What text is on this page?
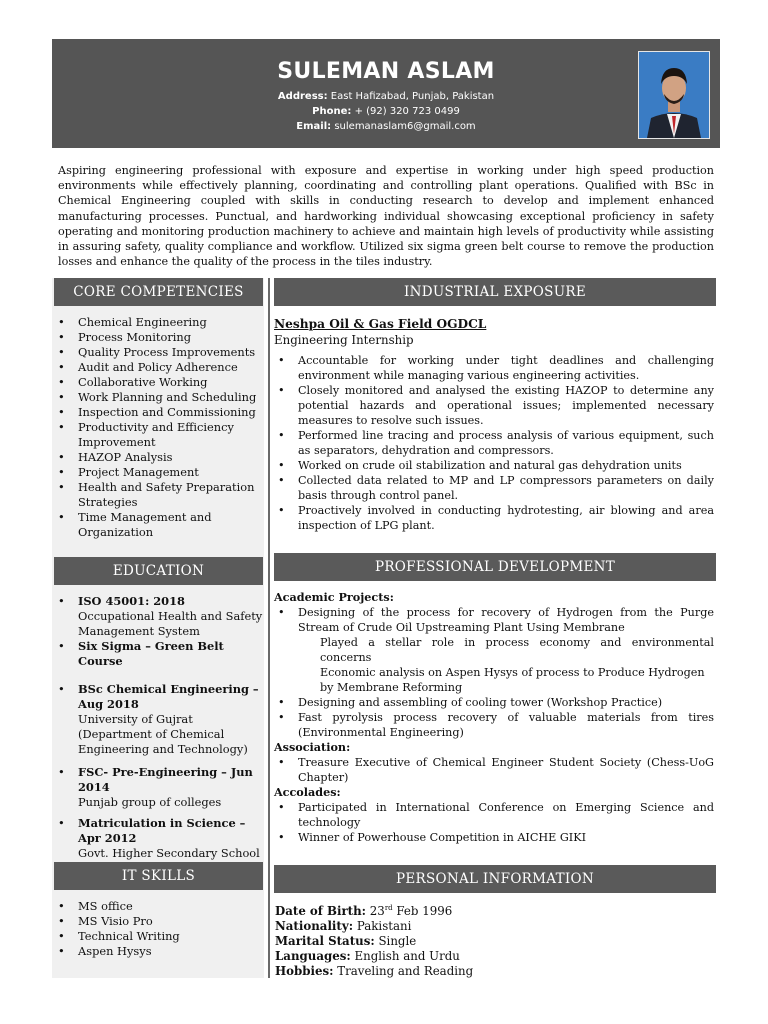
SULEMAN ASLAM
Address: East Hafizabad, Punjab, Pakistan
Phone: + (92) 320 723 0499
Email: sulemanaslam6@gmail.com
Aspiring engineering professional with exposure and expertise in working under high speed production environments while effectively planning, coordinating and controlling plant operations. Qualified with BSc in Chemical Engineering coupled with skills in conducting research to develop and implement enhanced manufacturing processes. Punctual, and hardworking individual showcasing exceptional proficiency in safety operating and monitoring production machinery to achieve and maintain high levels of productivity while assisting in assuring safety, quality compliance and workflow. Utilized six sigma green belt course to remove the production losses and enhance the quality of the process in the tiles industry.
CORE COMPETENCIES
• Chemical Engineering
• Process Monitoring
• Quality Process Improvements
• Audit and Policy Adherence
• Collaborative Working
• Work Planning and Scheduling
• Inspection and Commissioning
• Productivity and Efficiency Improvement
• HAZOP Analysis
• Project Management
• Health and Safety Preparation Strategies
• Time Management and Organization
EDUCATION
• ISO 45001: 2018
Occupational Health and Safety Management System
• Six Sigma – Green Belt Course
• BSc Chemical Engineering – Aug 2018
University of Gujrat (Department of Chemical Engineering and Technology)
• FSC- Pre-Engineering – Jun 2014
Punjab group of colleges
• Matriculation in Science – Apr 2012
Govt. Higher Secondary School
IT SKILLS
• MS office
• MS Visio Pro
• Technical Writing
• Aspen Hysys
INDUSTRIAL EXPOSURE
Neshpa Oil & Gas Field OGDCL
Engineering Internship
• Accountable for working under tight deadlines and challenging environment while managing various engineering activities.
• Closely monitored and analysed the existing HAZOP to determine any potential hazards and operational issues; implemented necessary measures to resolve such issues.
• Performed line tracing and process analysis of various equipment, such as separators, dehydration and compressors.
• Worked on crude oil stabilization and natural gas dehydration units
• Collected data related to MP and LP compressors parameters on daily basis through control panel.
• Proactively involved in conducting hydrotesting, air blowing and area inspection of LPG plant.
PROFESSIONAL DEVELOPMENT
Academic Projects:
• Designing of the process for recovery of Hydrogen from the Purge Stream of Crude Oil Upstreaming Plant Using Membrane
Played a stellar role in process economy and environmental concerns
Economic analysis on Aspen Hysys of process to Produce Hydrogen by Membrane Reforming
• Designing and assembling of cooling tower (Workshop Practice)
• Fast pyrolysis process recovery of valuable materials from tires (Environmental Engineering)
Association:
• Treasure Executive of Chemical Engineer Student Society (Chess-UoG Chapter)
Accolades:
• Participated in International Conference on Emerging Science and technology
• Winner of Powerhouse Competition in AICHE GIKI
PERSONAL INFORMATION
Date of Birth: 23rd Feb 1996
Nationality: Pakistani
Marital Status: Single
Languages: English and Urdu
Hobbies: Traveling and Reading
